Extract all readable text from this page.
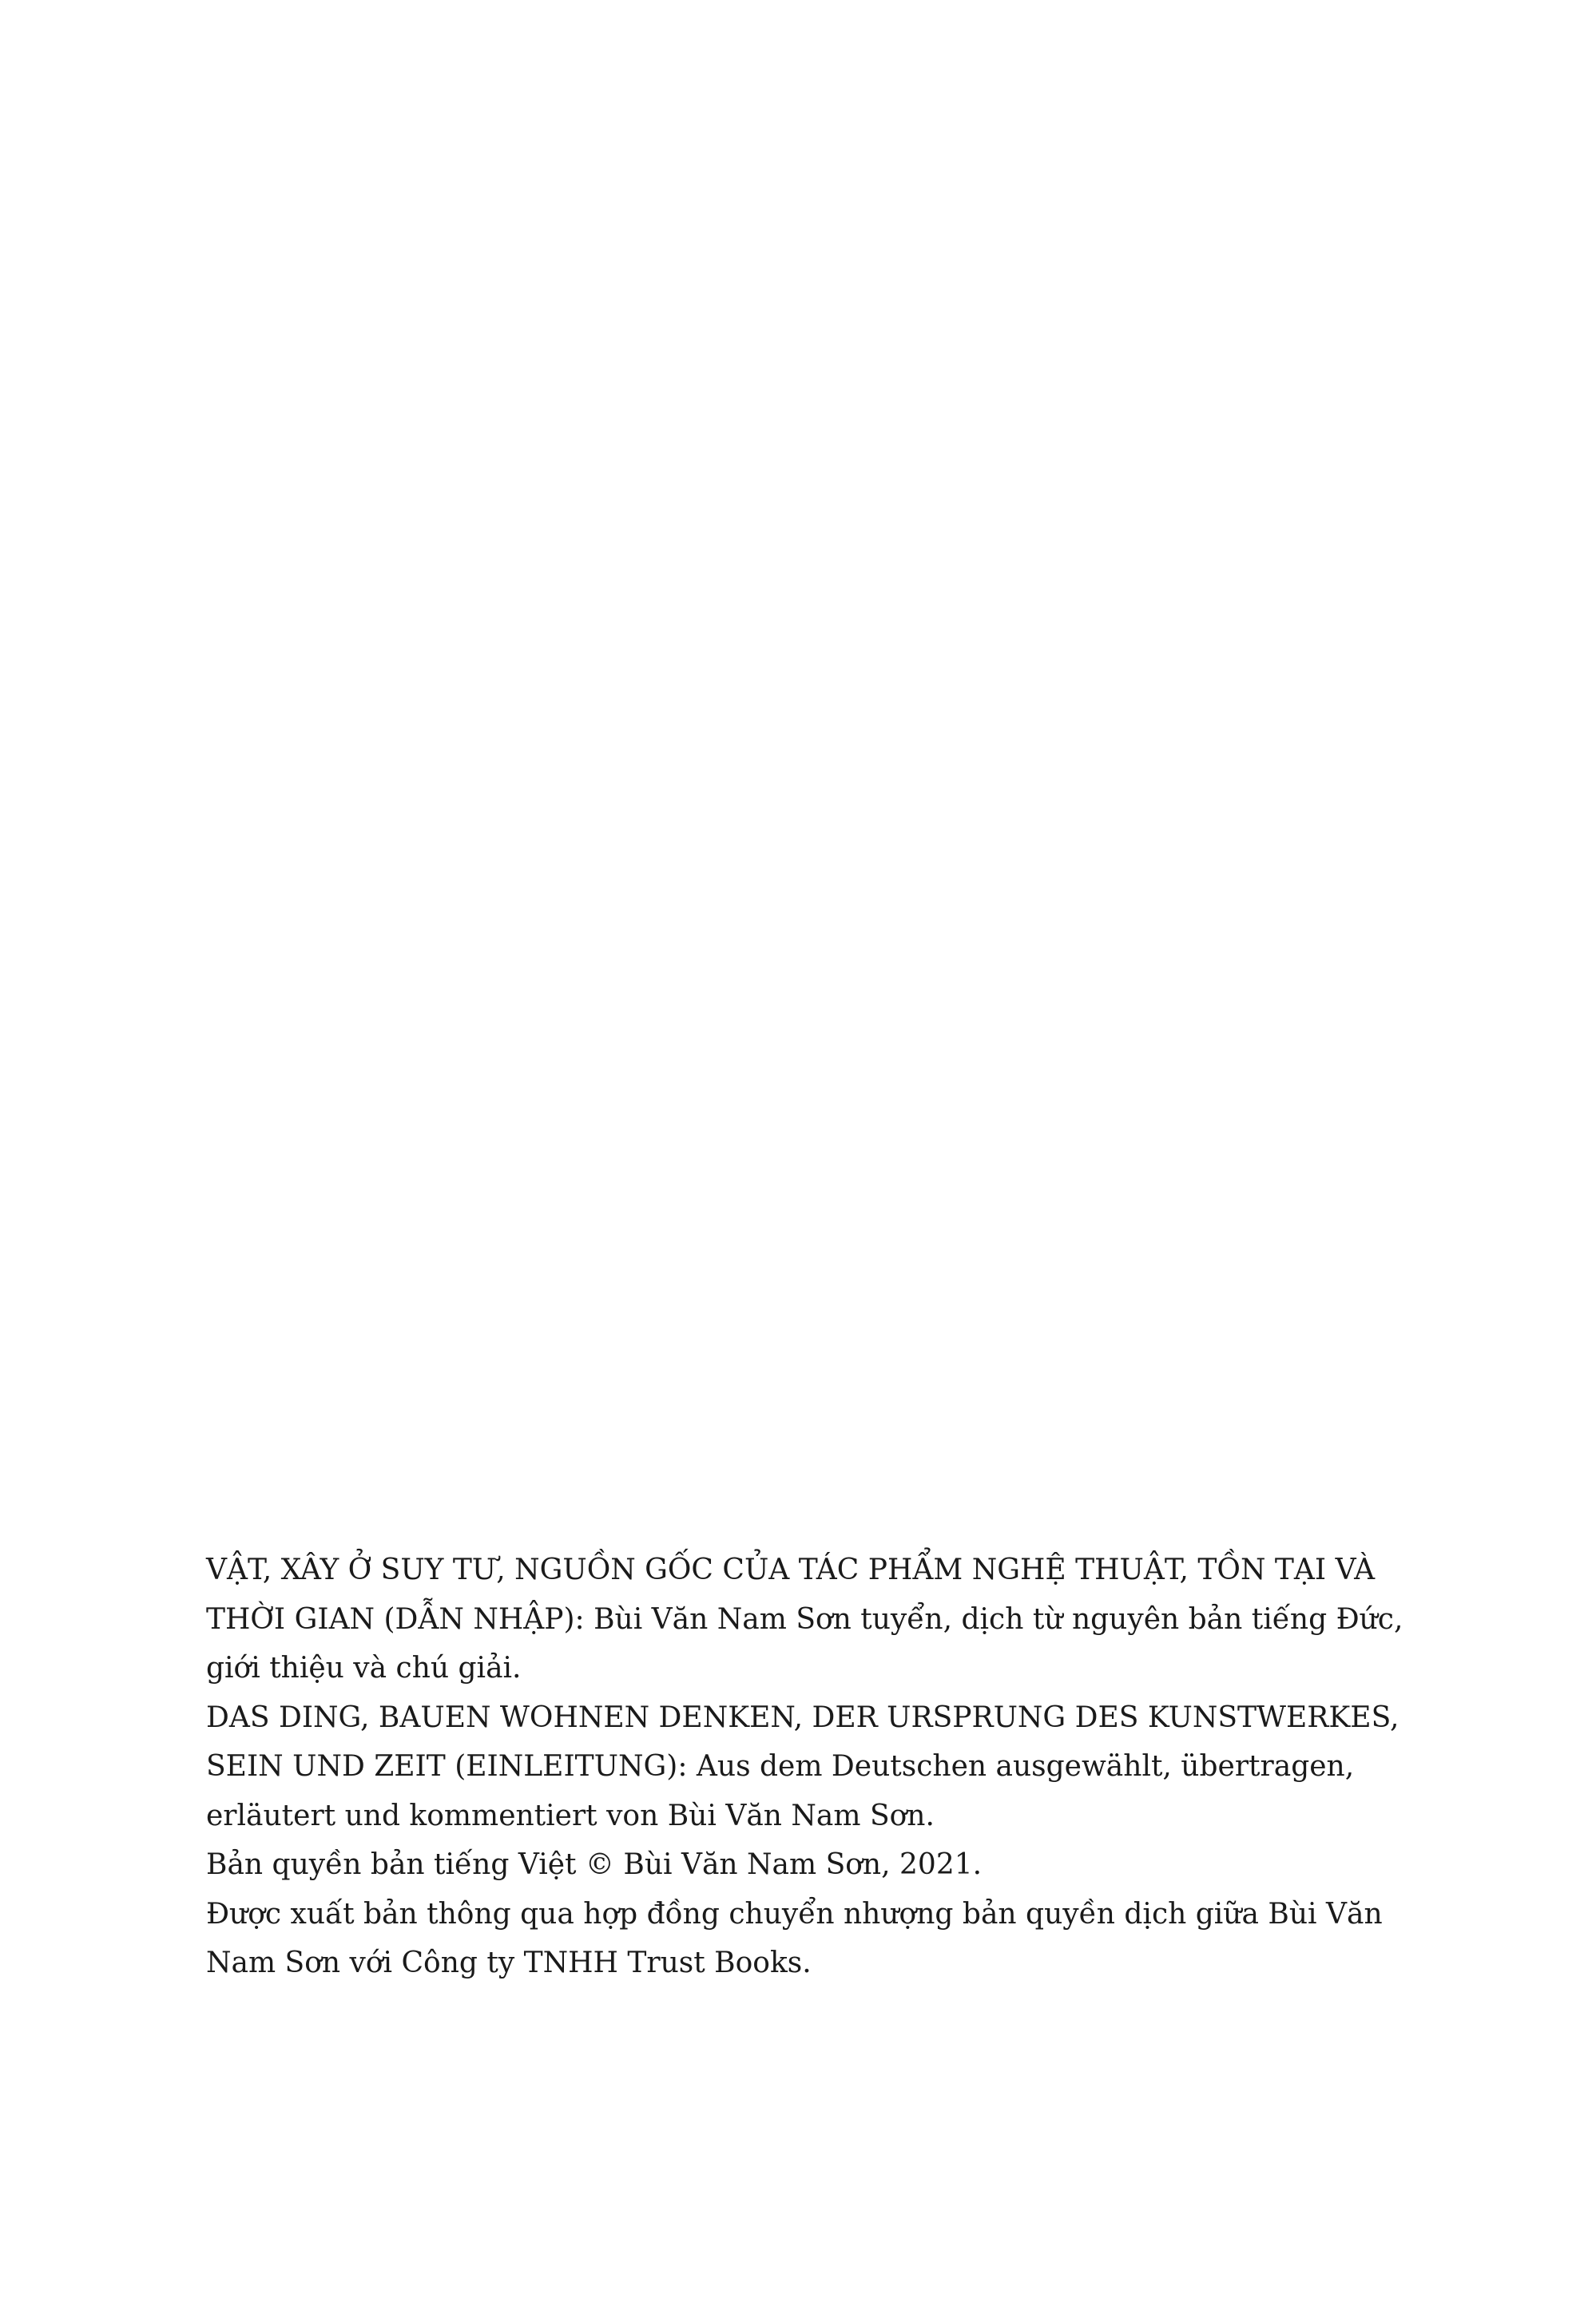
VẬT, XÂY Ở SUY TƯ, NGUỒN GỐC CỦA TÁC PHẨM NGHỆ THUẬT, TỒN TẠI VÀ THỜI GIAN (DẪN NHẬP): Bùi Văn Nam Sơn tuyển, dịch từ nguyên bản tiếng Đức, giới thiệu và chú giải.

DAS DING, BAUEN WOHNEN DENKEN, DER URSPRUNG DES KUNSTWERKES, SEIN UND ZEIT (EINLEITUNG): Aus dem Deutschen ausgewählt, übertragen, erläutert und kommentiert von Bùi Văn Nam Sơn.

Bản quyền bản tiếng Việt © Bùi Văn Nam Sơn, 2021.

Được xuất bản thông qua hợp đồng chuyển nhượng bản quyền dịch giữa Bùi Văn Nam Sơn với Công ty TNHH Trust Books.
